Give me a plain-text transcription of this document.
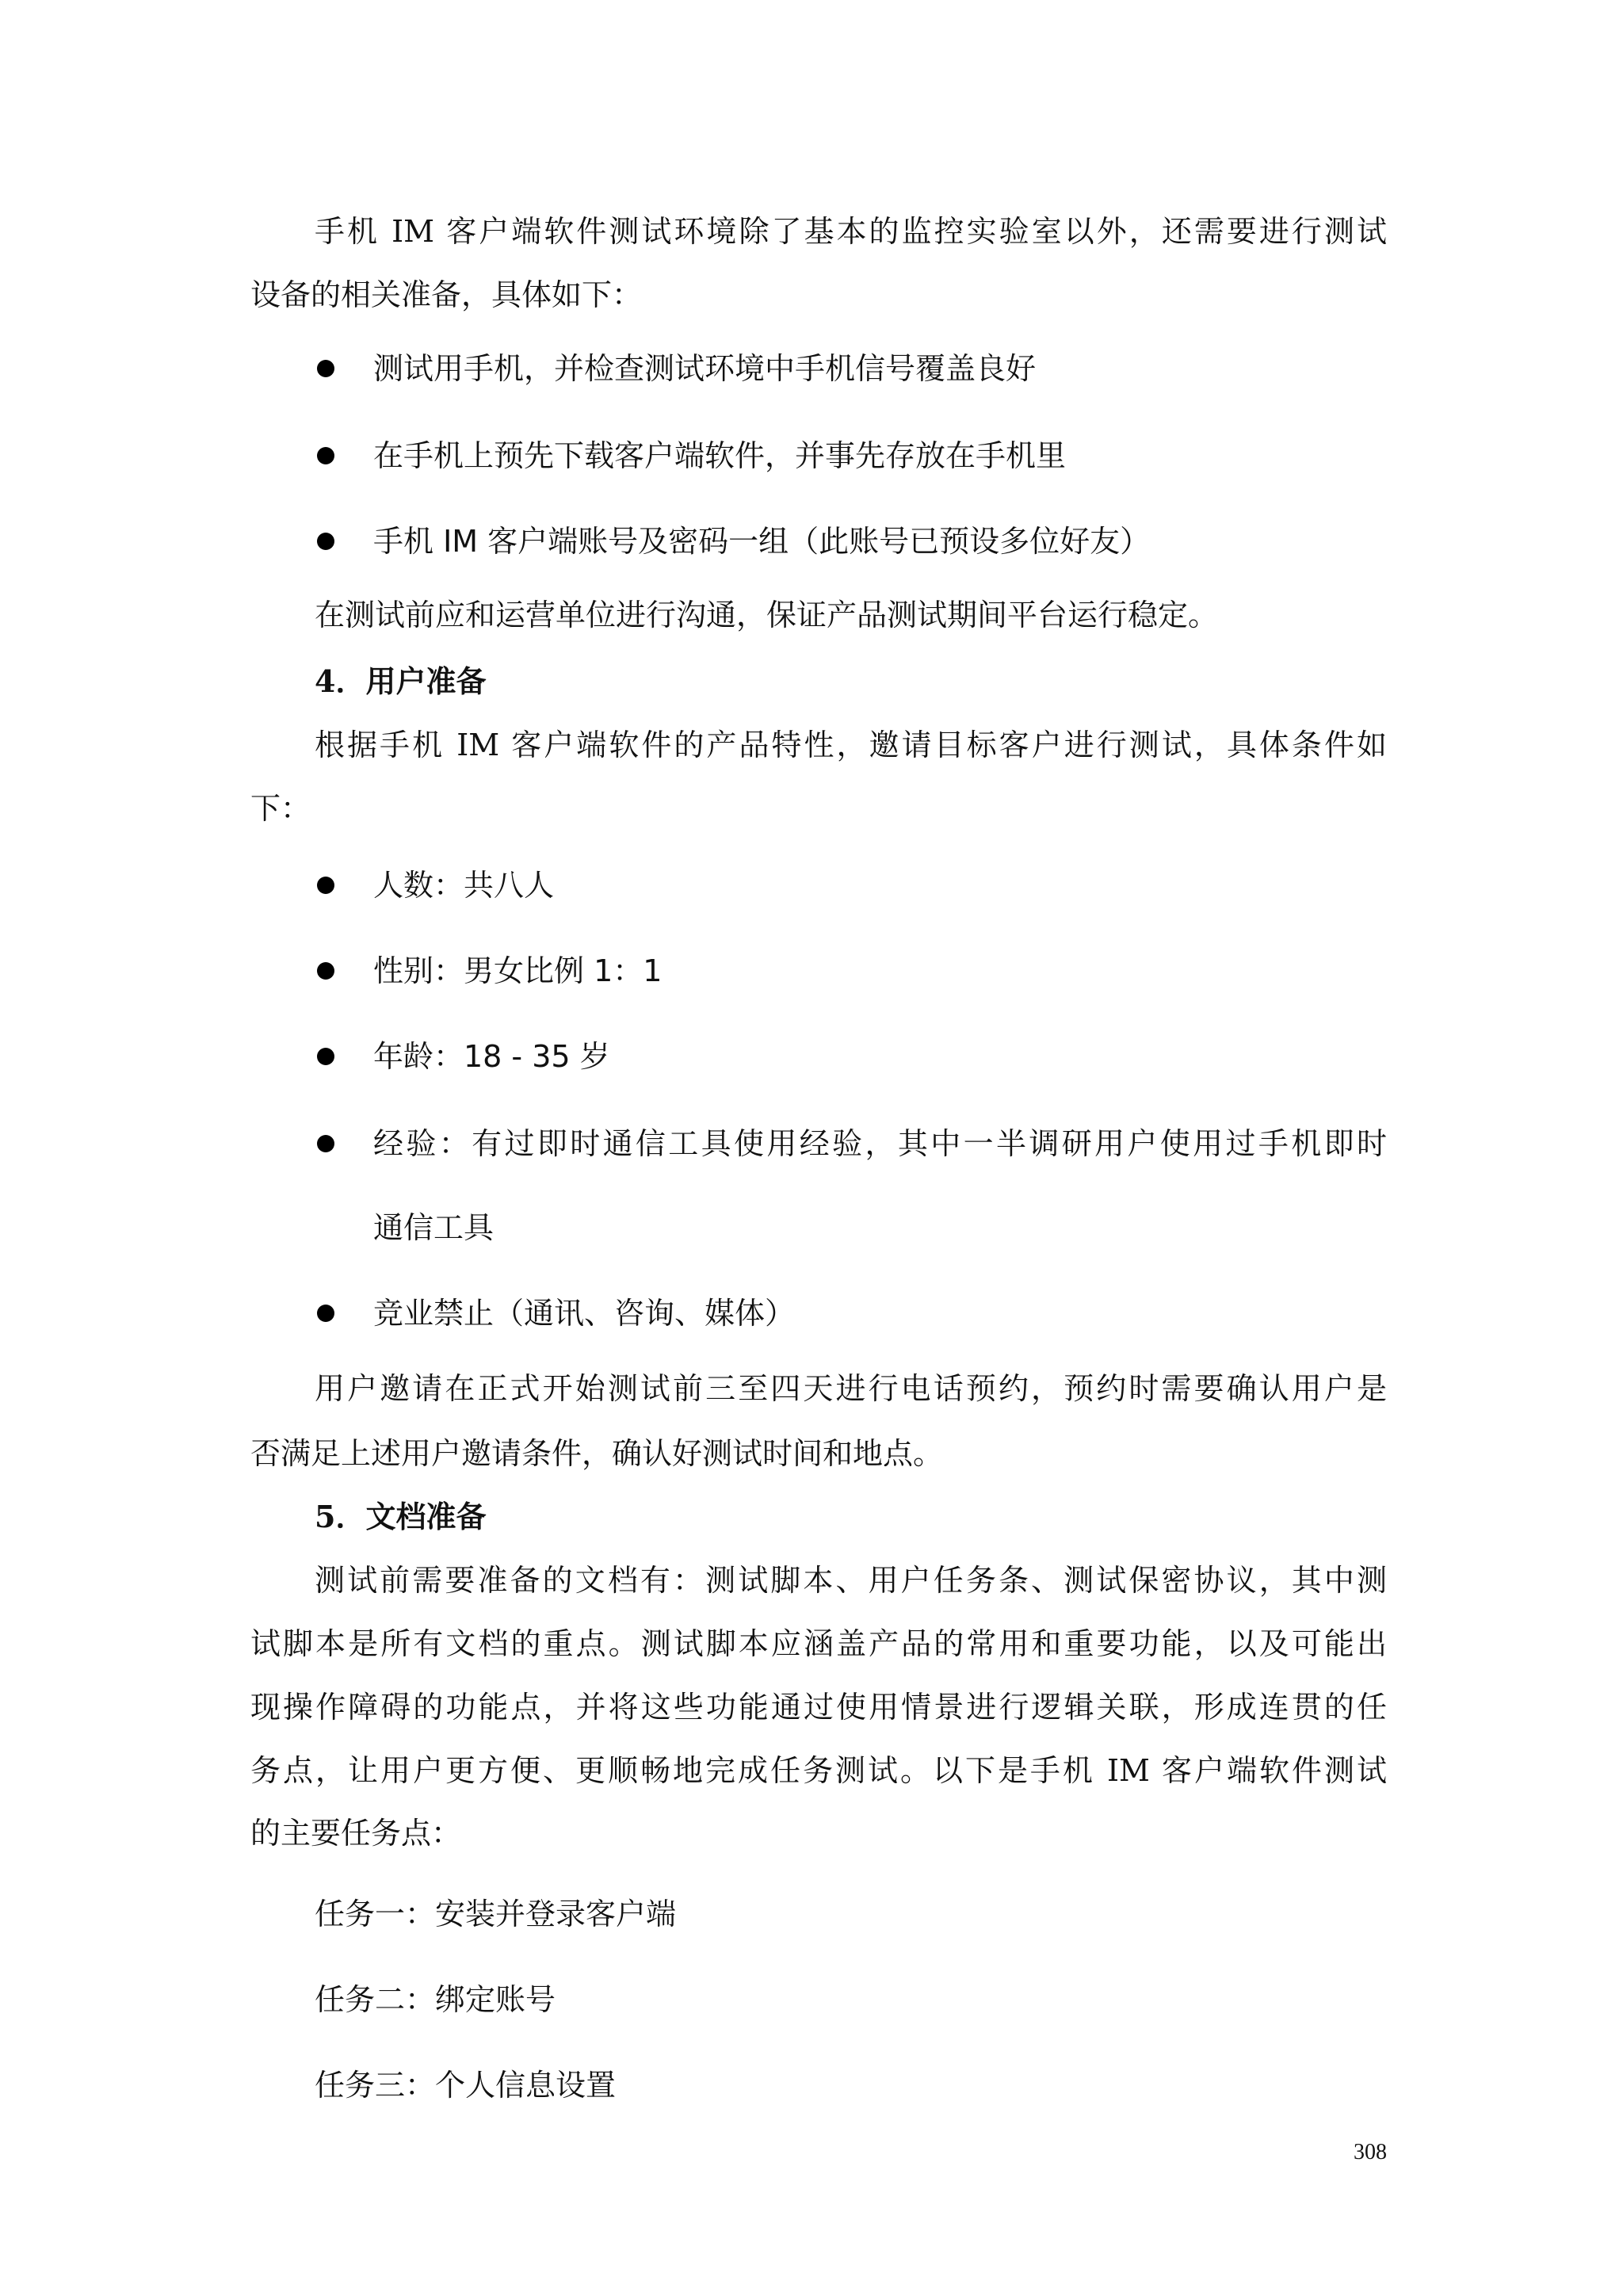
手机 IM 客户端软件测试环境除了基本的监控实验室以外，还需要进行测试
设备的相关准备，具体如下：
测试用手机，并检查测试环境中手机信号覆盖良好
在手机上预先下载客户端软件，并事先存放在手机里
手机 IM 客户端账号及密码一组（此账号已预设多位好友）
在测试前应和运营单位进行沟通，保证产品测试期间平台运行稳定。
4．用户准备
根据手机 IM 客户端软件的产品特性，邀请目标客户进行测试，具体条件如
下：
人数：共八人
性别：男女比例 1：1
年龄：18 - 35 岁
经验：有过即时通信工具使用经验，其中一半调研用户使用过手机即时
通信工具
竞业禁止（通讯、咨询、媒体）
用户邀请在正式开始测试前三至四天进行电话预约，预约时需要确认用户是
否满足上述用户邀请条件，确认好测试时间和地点。
5．文档准备
测试前需要准备的文档有：测试脚本、用户任务条、测试保密协议，其中测
试脚本是所有文档的重点。测试脚本应涵盖产品的常用和重要功能，以及可能出
现操作障碍的功能点，并将这些功能通过使用情景进行逻辑关联，形成连贯的任
务点，让用户更方便、更顺畅地完成任务测试。以下是手机 IM 客户端软件测试
的主要任务点：
任务一：安装并登录客户端
任务二：绑定账号
任务三：个人信息设置
308
